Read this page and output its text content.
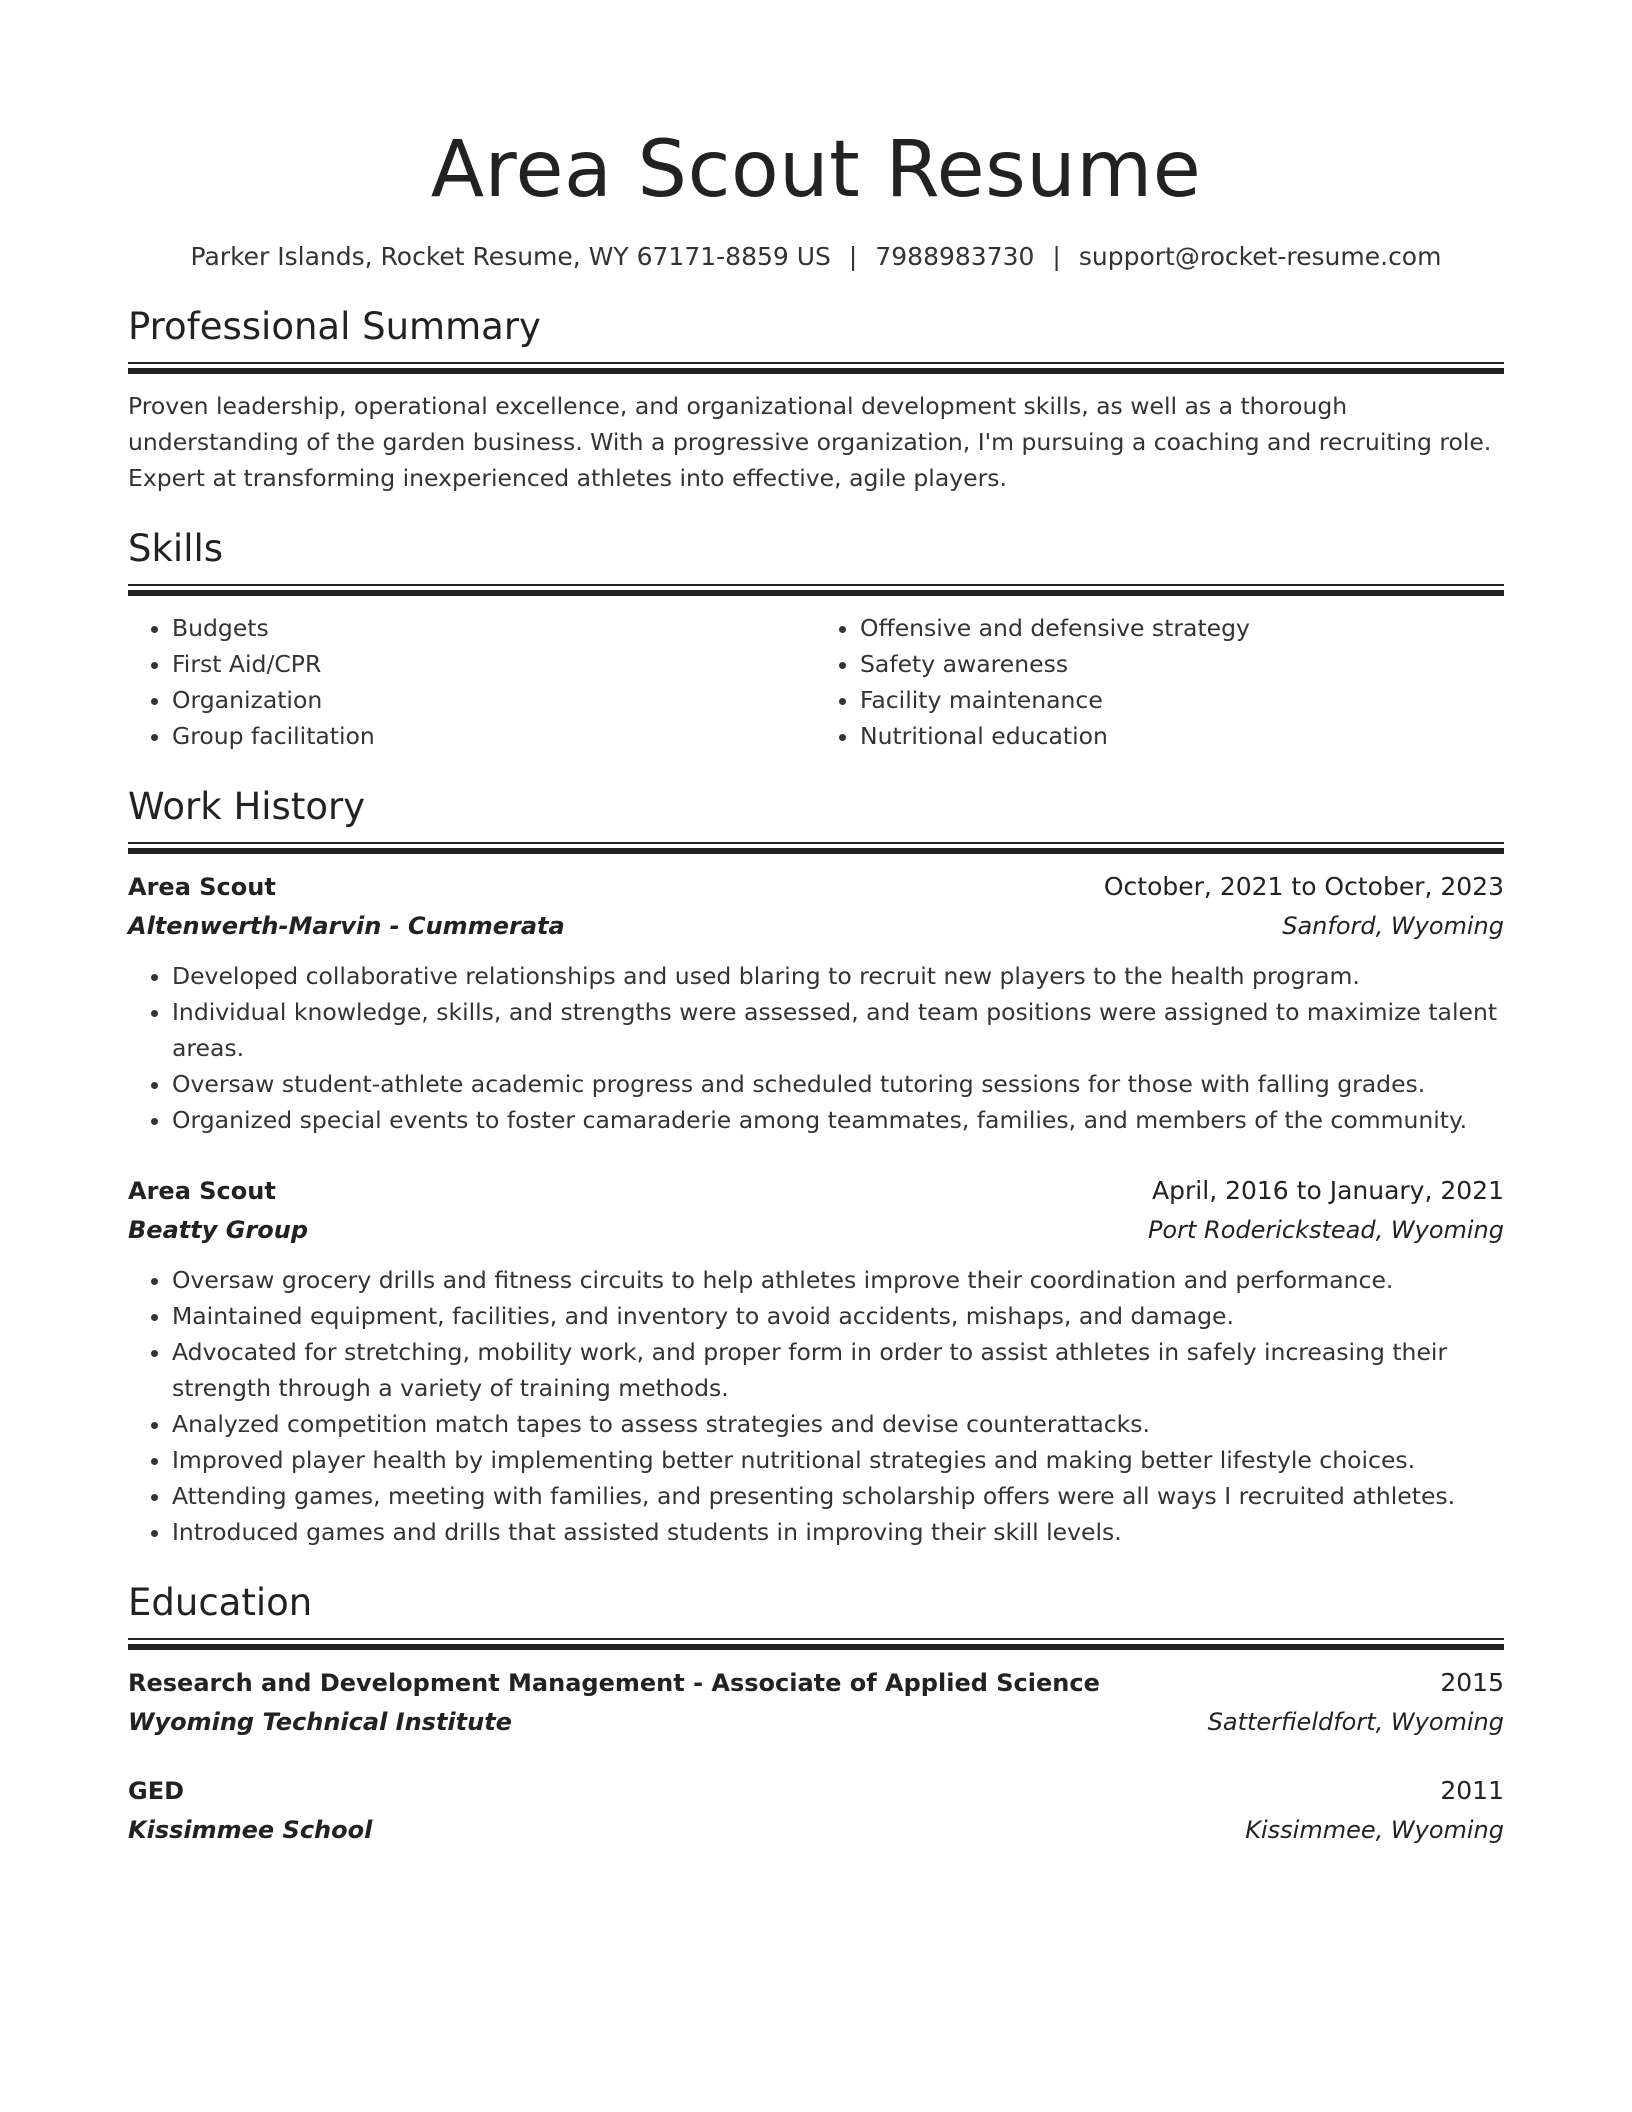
Area Scout Resume
Parker Islands, Rocket Resume, WY 67171-8859 US | 7988983730 | support@rocket-resume.com
Professional Summary

Proven leadership, operational excellence, and organizational development skills, as well as a thorough understanding of the garden business. With a progressive organization, I'm pursuing a coaching and recruiting role. Expert at transforming inexperienced athletes into effective, agile players.

Skills
• Budgets
• First Aid/CPR
• Organization
• Group facilitation
• Offensive and defensive strategy
• Safety awareness
• Facility maintenance
• Nutritional education
Work History
Area Scout	October, 2021 to October, 2023
Altenwerth-Marvin - Cummerata	Sanford, Wyoming
• Developed collaborative relationships and used blaring to recruit new players to the health program.
• Individual knowledge, skills, and strengths were assessed, and team positions were assigned to maximize talent areas.
• Oversaw student-athlete academic progress and scheduled tutoring sessions for those with falling grades.
• Organized special events to foster camaraderie among teammates, families, and members of the community.
Area Scout	April, 2016 to January, 2021
Beatty Group	Port Roderickstead, Wyoming
• Oversaw grocery drills and fitness circuits to help athletes improve their coordination and performance.
• Maintained equipment, facilities, and inventory to avoid accidents, mishaps, and damage.
• Advocated for stretching, mobility work, and proper form in order to assist athletes in safely increasing their strength through a variety of training methods.
• Analyzed competition match tapes to assess strategies and devise counterattacks.
• Improved player health by implementing better nutritional strategies and making better lifestyle choices.
• Attending games, meeting with families, and presenting scholarship offers were all ways I recruited athletes.
• Introduced games and drills that assisted students in improving their skill levels.
Education
Research and Development Management - Associate of Applied Science	2015
Wyoming Technical Institute	Satterfieldfort, Wyoming
GED	2011
Kissimmee School	Kissimmee, Wyoming
